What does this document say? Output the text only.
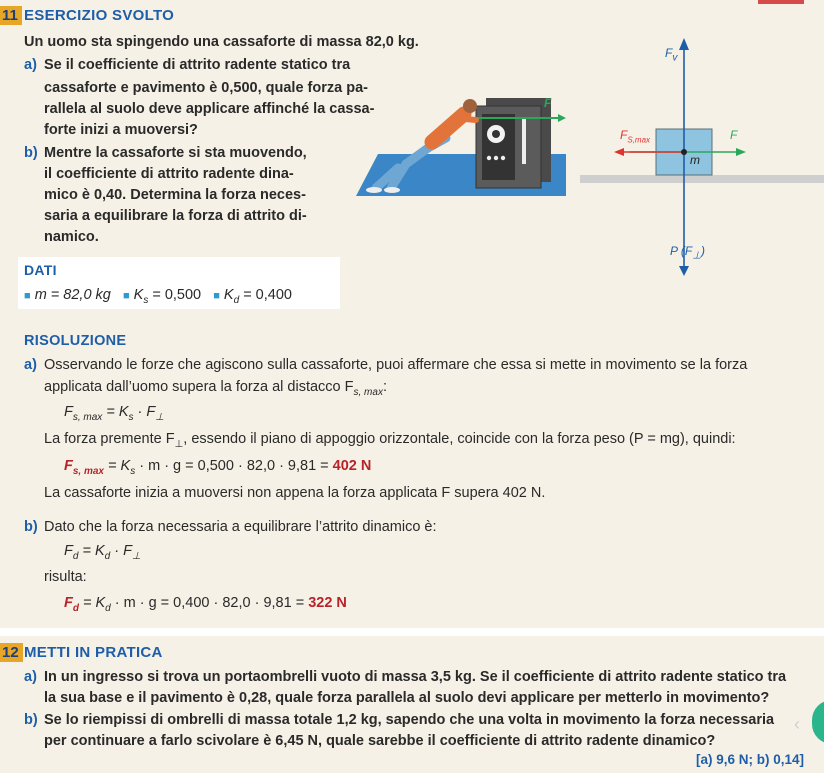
11 ESERCIZIO SVOLTO
Un uomo sta spingendo una cassaforte di massa 82,0 kg.
a) Se il coefficiente di attrito radente statico tra
cassaforte e pavimento è 0,500, quale forza pa-
rallela al suolo deve applicare affinché la cassa-
forte inizi a muoversi?
b) Mentre la cassaforte si sta muovendo,
il coefficiente di attrito radente dina-
mico è 0,40. Determina la forza neces-
saria a equilibrare la forza di attrito di-
namico.
F
DATI
■ m = 82,0 kg ■ $K_s = 0,500$ ■ $K_d = 0,400$
$F_v$
$F_{S,max}$	F
m
P $(F_\perp)$
RISOLUZIONE
a) Osservando le forze che agiscono sulla cassaforte, puoi affermare che essa si mette in movimento se la forza
applicata dall’uomo supera la forza al distacco $F_{s, max}$:
$F_{s, max} = K_s \cdot F_\perp$
La forza premente $F_\perp$, essendo il piano di appoggio orizzontale, coincide con la forza peso (P = mg), quindi:
$F_{s, max} = K_s \cdot m \cdot g = 0,500 \cdot 82,0 \cdot 9,81 = 402$ N
La cassaforte inizia a muoversi non appena la forza applicata F supera 402 N.
b) Dato che la forza necessaria a equilibrare l’attrito dinamico è:
$F_d = K_d \cdot F_\perp$
risulta:
$F_d = K_d \cdot m \cdot g = 0,400 \cdot 82,0 \cdot 9,81 = 322$ N
12 METTI IN PRATICA
a) In un ingresso si trova un portaombrelli vuoto di massa 3,5 kg. Se il coefficiente di attrito radente statico tra
la sua base e il pavimento è 0,28, quale forza parallela al suolo devi applicare per metterlo in movimento?
b) Se lo riempissi di ombrelli di massa totale 1,2 kg, sapendo che una volta in movimento la forza necessaria
per continuare a farlo scivolare è 6,45 N, quale sarebbe il coefficiente di attrito radente dinamico?
[a) 9,6 N; b) 0,14]
‹
